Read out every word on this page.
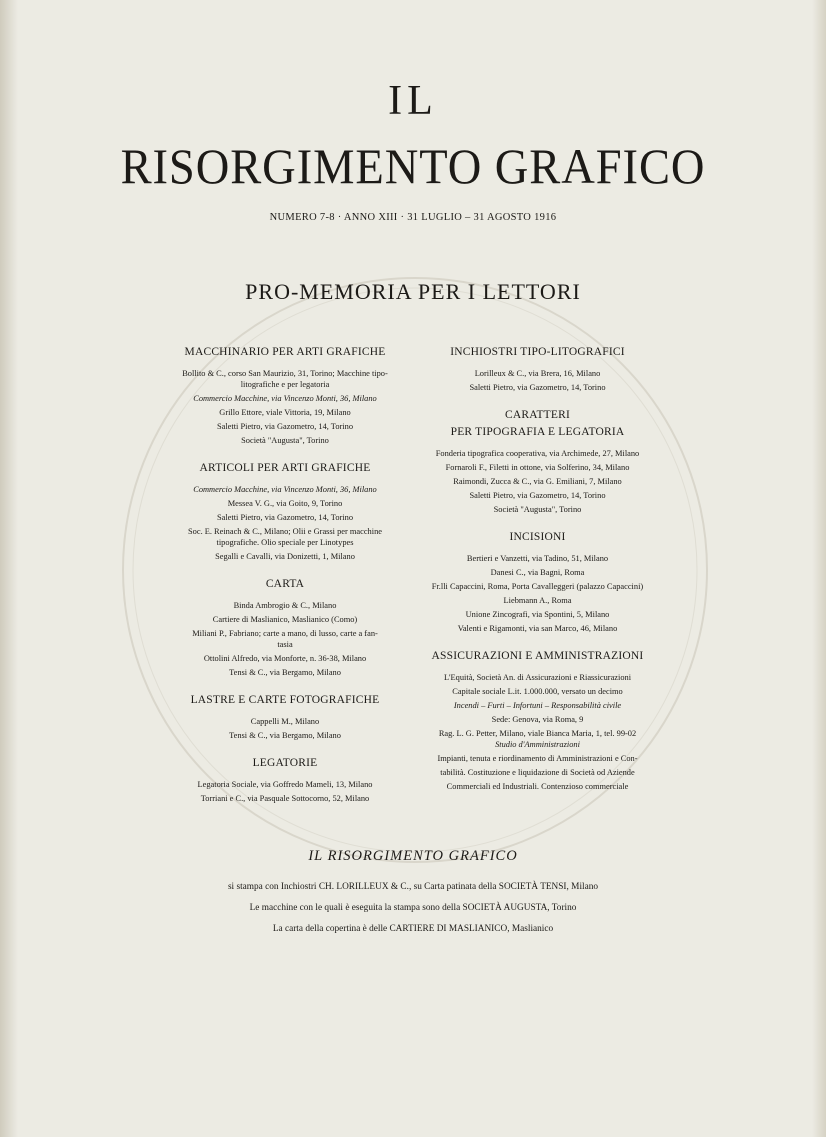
IL
RISORGIMENTO GRAFICO
NUMERO 7-8 · ANNO XIII · 31 LUGLIO – 31 AGOSTO 1916
PRO-MEMORIA PER I LETTORI
MACCHINARIO PER ARTI GRAFICHE
Bollito & C., corso San Maurizio, 31, Torino; Macchine tipo-
litografiche e per legatoria
Commercio Macchine, via Vincenzo Monti, 36, Milano
Grillo Ettore, viale Vittoria, 19, Milano
Saletti Pietro, via Gazometro, 14, Torino
Società "Augusta", Torino
ARTICOLI PER ARTI GRAFICHE
Commercio Macchine, via Vincenzo Monti, 36, Milano
Messea V. G., via Goito, 9, Torino
Saletti Pietro, via Gazometro, 14, Torino
Soc. E. Reinach & C., Milano; Olii e Grassi per macchine
tipografiche. Olio speciale per Linotypes
Segalli e Cavalli, via Donizetti, 1, Milano
CARTA
Binda Ambrogio & C., Milano
Cartiere di Maslianico, Maslianico (Como)
Miliani P., Fabriano; carte a mano, di lusso, carte a fan-
tasia
Ottolini Alfredo, via Monforte, n. 36-38, Milano
Tensi & C., via Bergamo, Milano
LASTRE E CARTE FOTOGRAFICHE
Cappelli M., Milano
Tensi & C., via Bergamo, Milano
LEGATORIE
Legatoria Sociale, via Goffredo Mameli, 13, Milano
Torriani e C., via Pasquale Sottocorno, 52, Milano
INCHIOSTRI TIPO-LITOGRAFICI
Lorilleux & C., via Brera, 16, Milano
Saletti Pietro, via Gazometro, 14, Torino
CARATTERI
PER TIPOGRAFIA E LEGATORIA
Fonderia tipografica cooperativa, via Archimede, 27, Milano
Fornaroli F., Filetti in ottone, via Solferino, 34, Milano
Raimondi, Zucca & C., via G. Emiliani, 7, Milano
Saletti Pietro, via Gazometro, 14, Torino
Società "Augusta", Torino
INCISIONI
Bertieri e Vanzetti, via Tadino, 51, Milano
Danesi C., via Bagni, Roma
Fr.lli Capaccini, Roma, Porta Cavalleggeri (palazzo Capaccini)
Liebmann A., Roma
Unione Zincografi, via Spontini, 5, Milano
Valenti e Rigamonti, via san Marco, 46, Milano
ASSICURAZIONI E AMMINISTRAZIONI
L'Equità, Società An. di Assicurazioni e Riassicurazioni
Capitale sociale L.it. 1.000.000, versato un decimo
Incendi – Furti – Infortuni – Responsabilità civile
Sede: Genova, via Roma, 9
Rag. L. G. Petter, Milano, viale Bianca Maria, 1, tel. 99-02
Studio d'Amministrazioni
Impianti, tenuta e riordinamento di Amministrazioni e Con-
tabilità. Costituzione e liquidazione di Società od Aziende
Commerciali ed Industriali. Contenzioso commerciale
IL RISORGIMENTO GRAFICO
si stampa con Inchiostri CH. LORILLEUX & C., su Carta patinata della SOCIETÀ TENSI, Milano
Le macchine con le quali è eseguita la stampa sono della SOCIETÀ AUGUSTA, Torino
La carta della copertina è delle CARTIERE DI MASLIANICO, Maslianico
